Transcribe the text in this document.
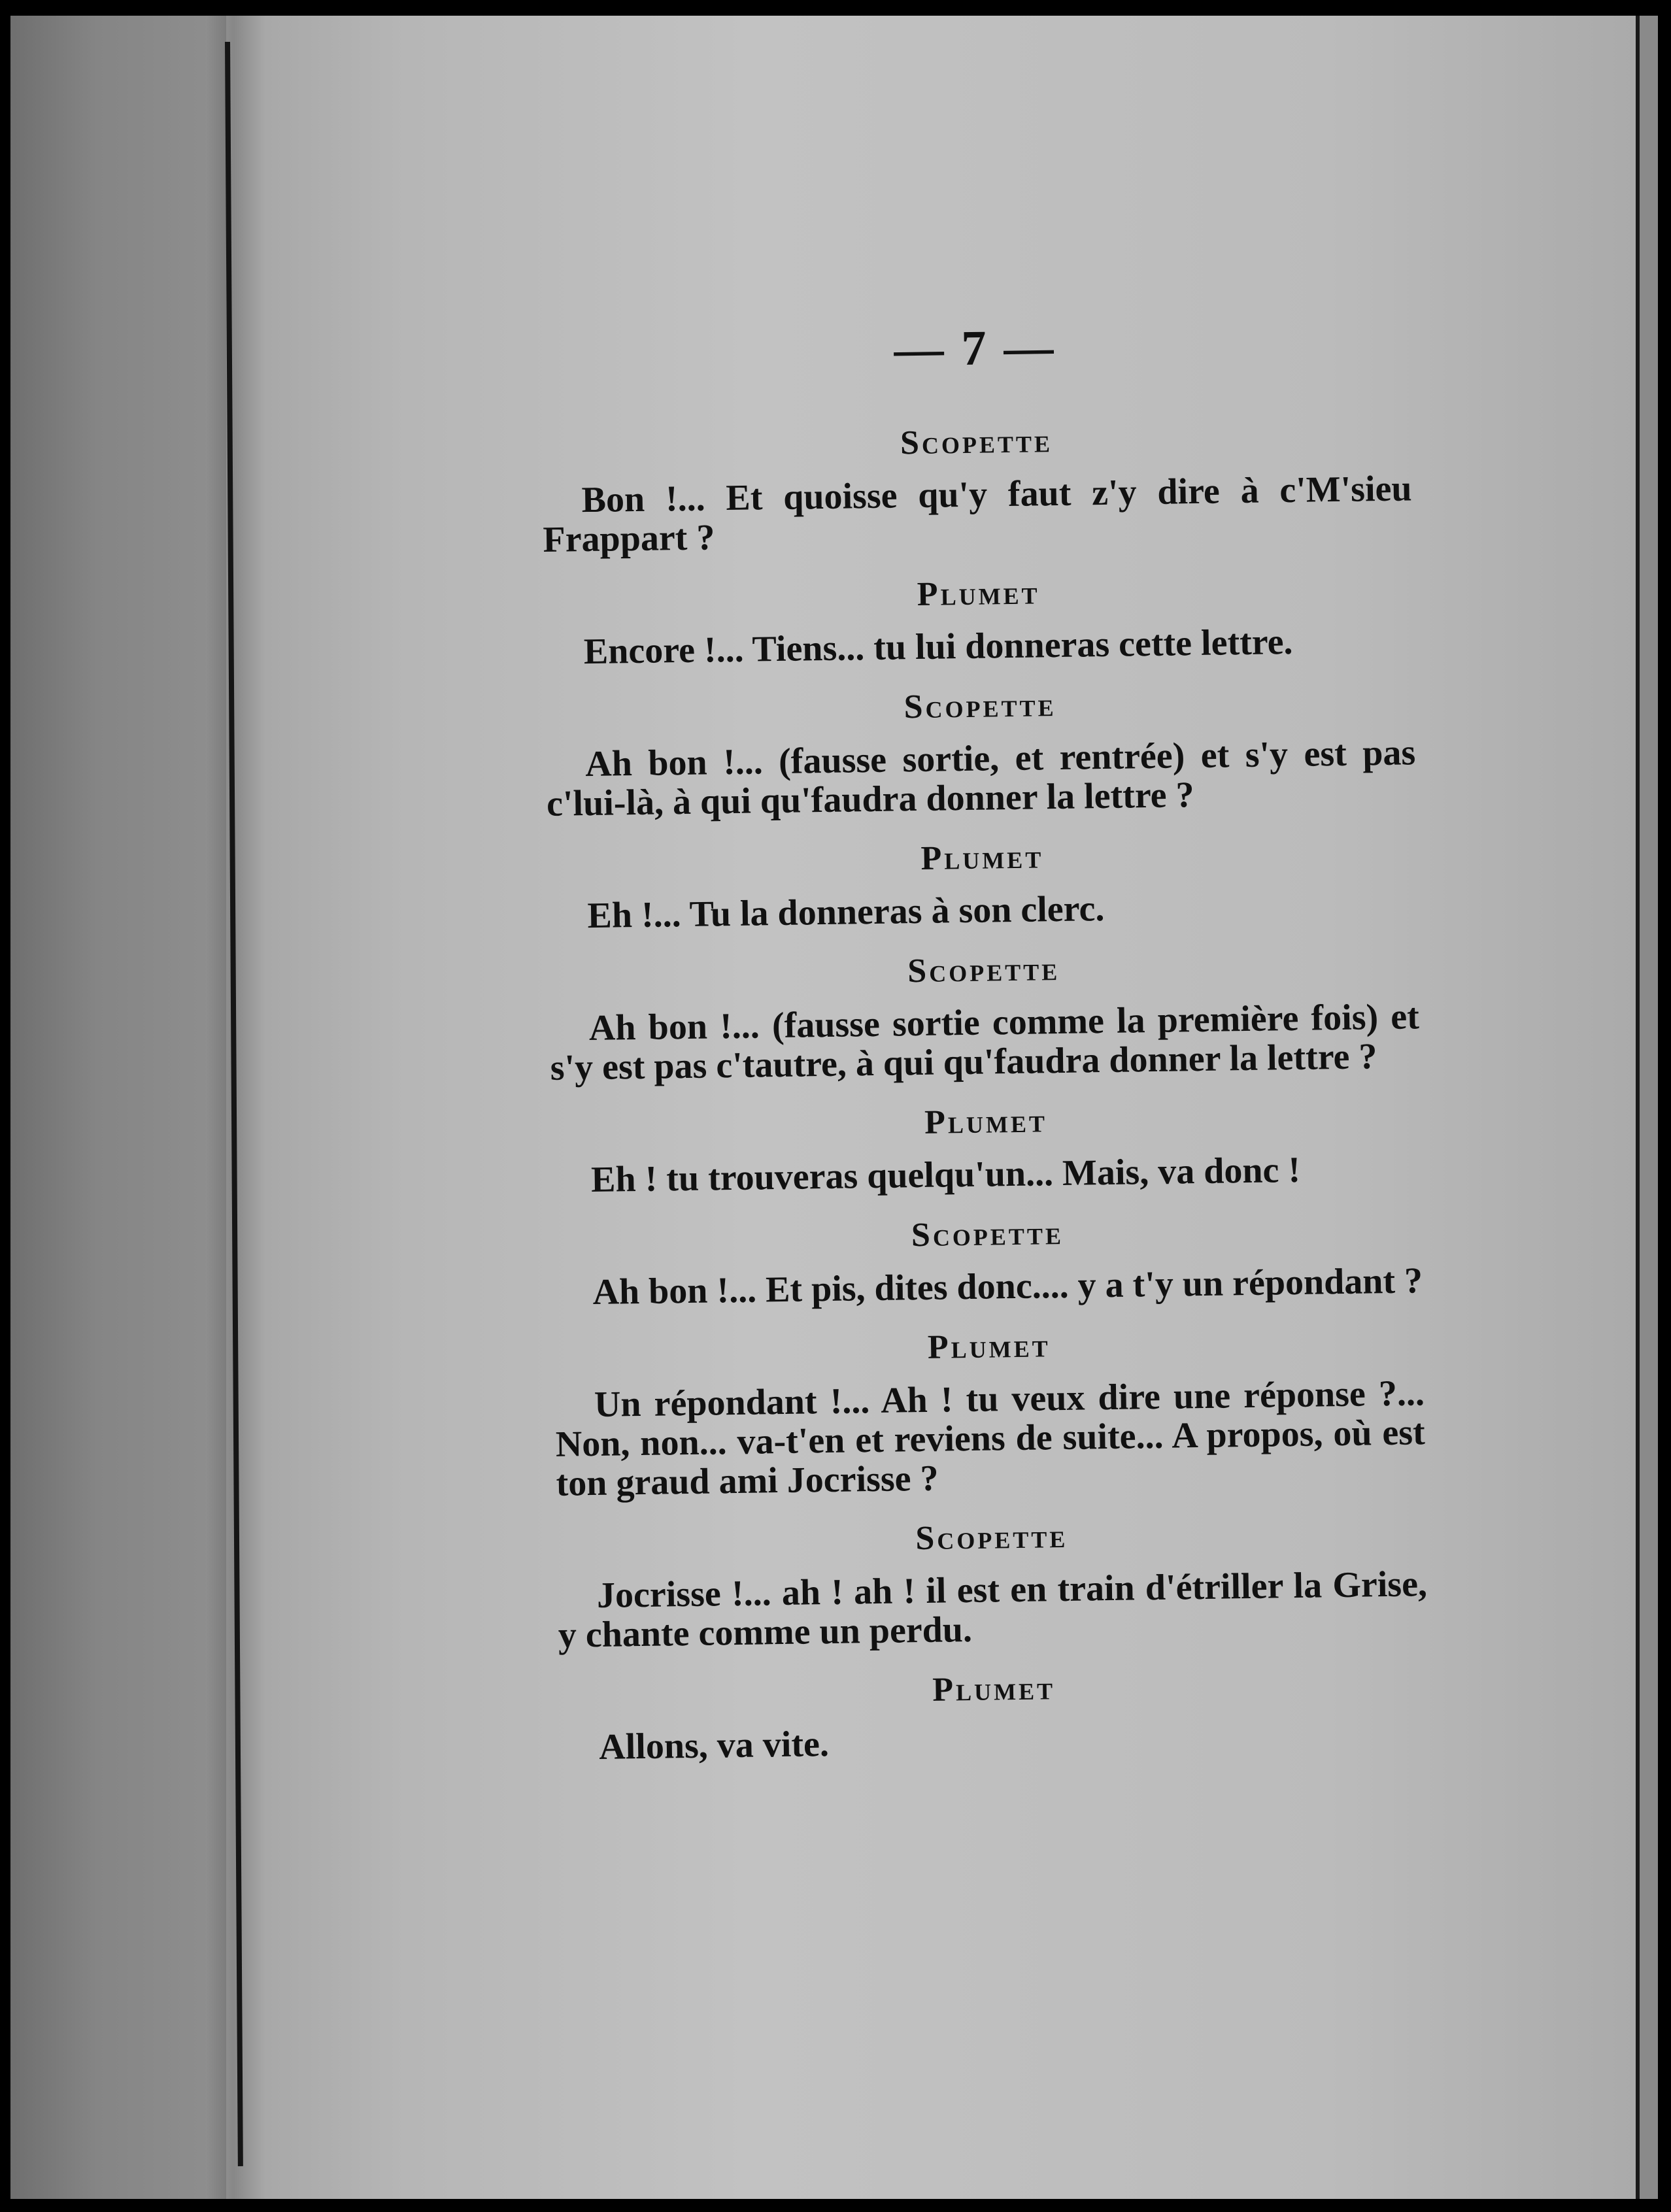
— 7 —
Scopette
Bon !... Et quoisse qu'y faut z'y dire à c'M'sieu Frappart ?
Plumet
Encore !... Tiens... tu lui donneras cette lettre.
Scopette
Ah bon !... (fausse sortie, et rentrée) et s'y est pas c'lui-là, à qui qu'faudra donner la lettre ?
Plumet
Eh !... Tu la donneras à son clerc.
Scopette
Ah bon !... (fausse sortie comme la première fois) et s'y est pas c'tautre, à qui qu'faudra donner la lettre ?
Plumet
Eh ! tu trouveras quelqu'un... Mais, va donc !
Scopette
Ah bon !... Et pis, dites donc.... y a t'y un répondant ?
Plumet
Un répondant !... Ah ! tu veux dire une réponse ?... Non, non... va-t'en et reviens de suite... A propos, où est ton graud ami Jocrisse ?
Scopette
Jocrisse !... ah ! ah ! il est en train d'étriller la Grise, y chante comme un perdu.
Plumet
Allons, va vite.
